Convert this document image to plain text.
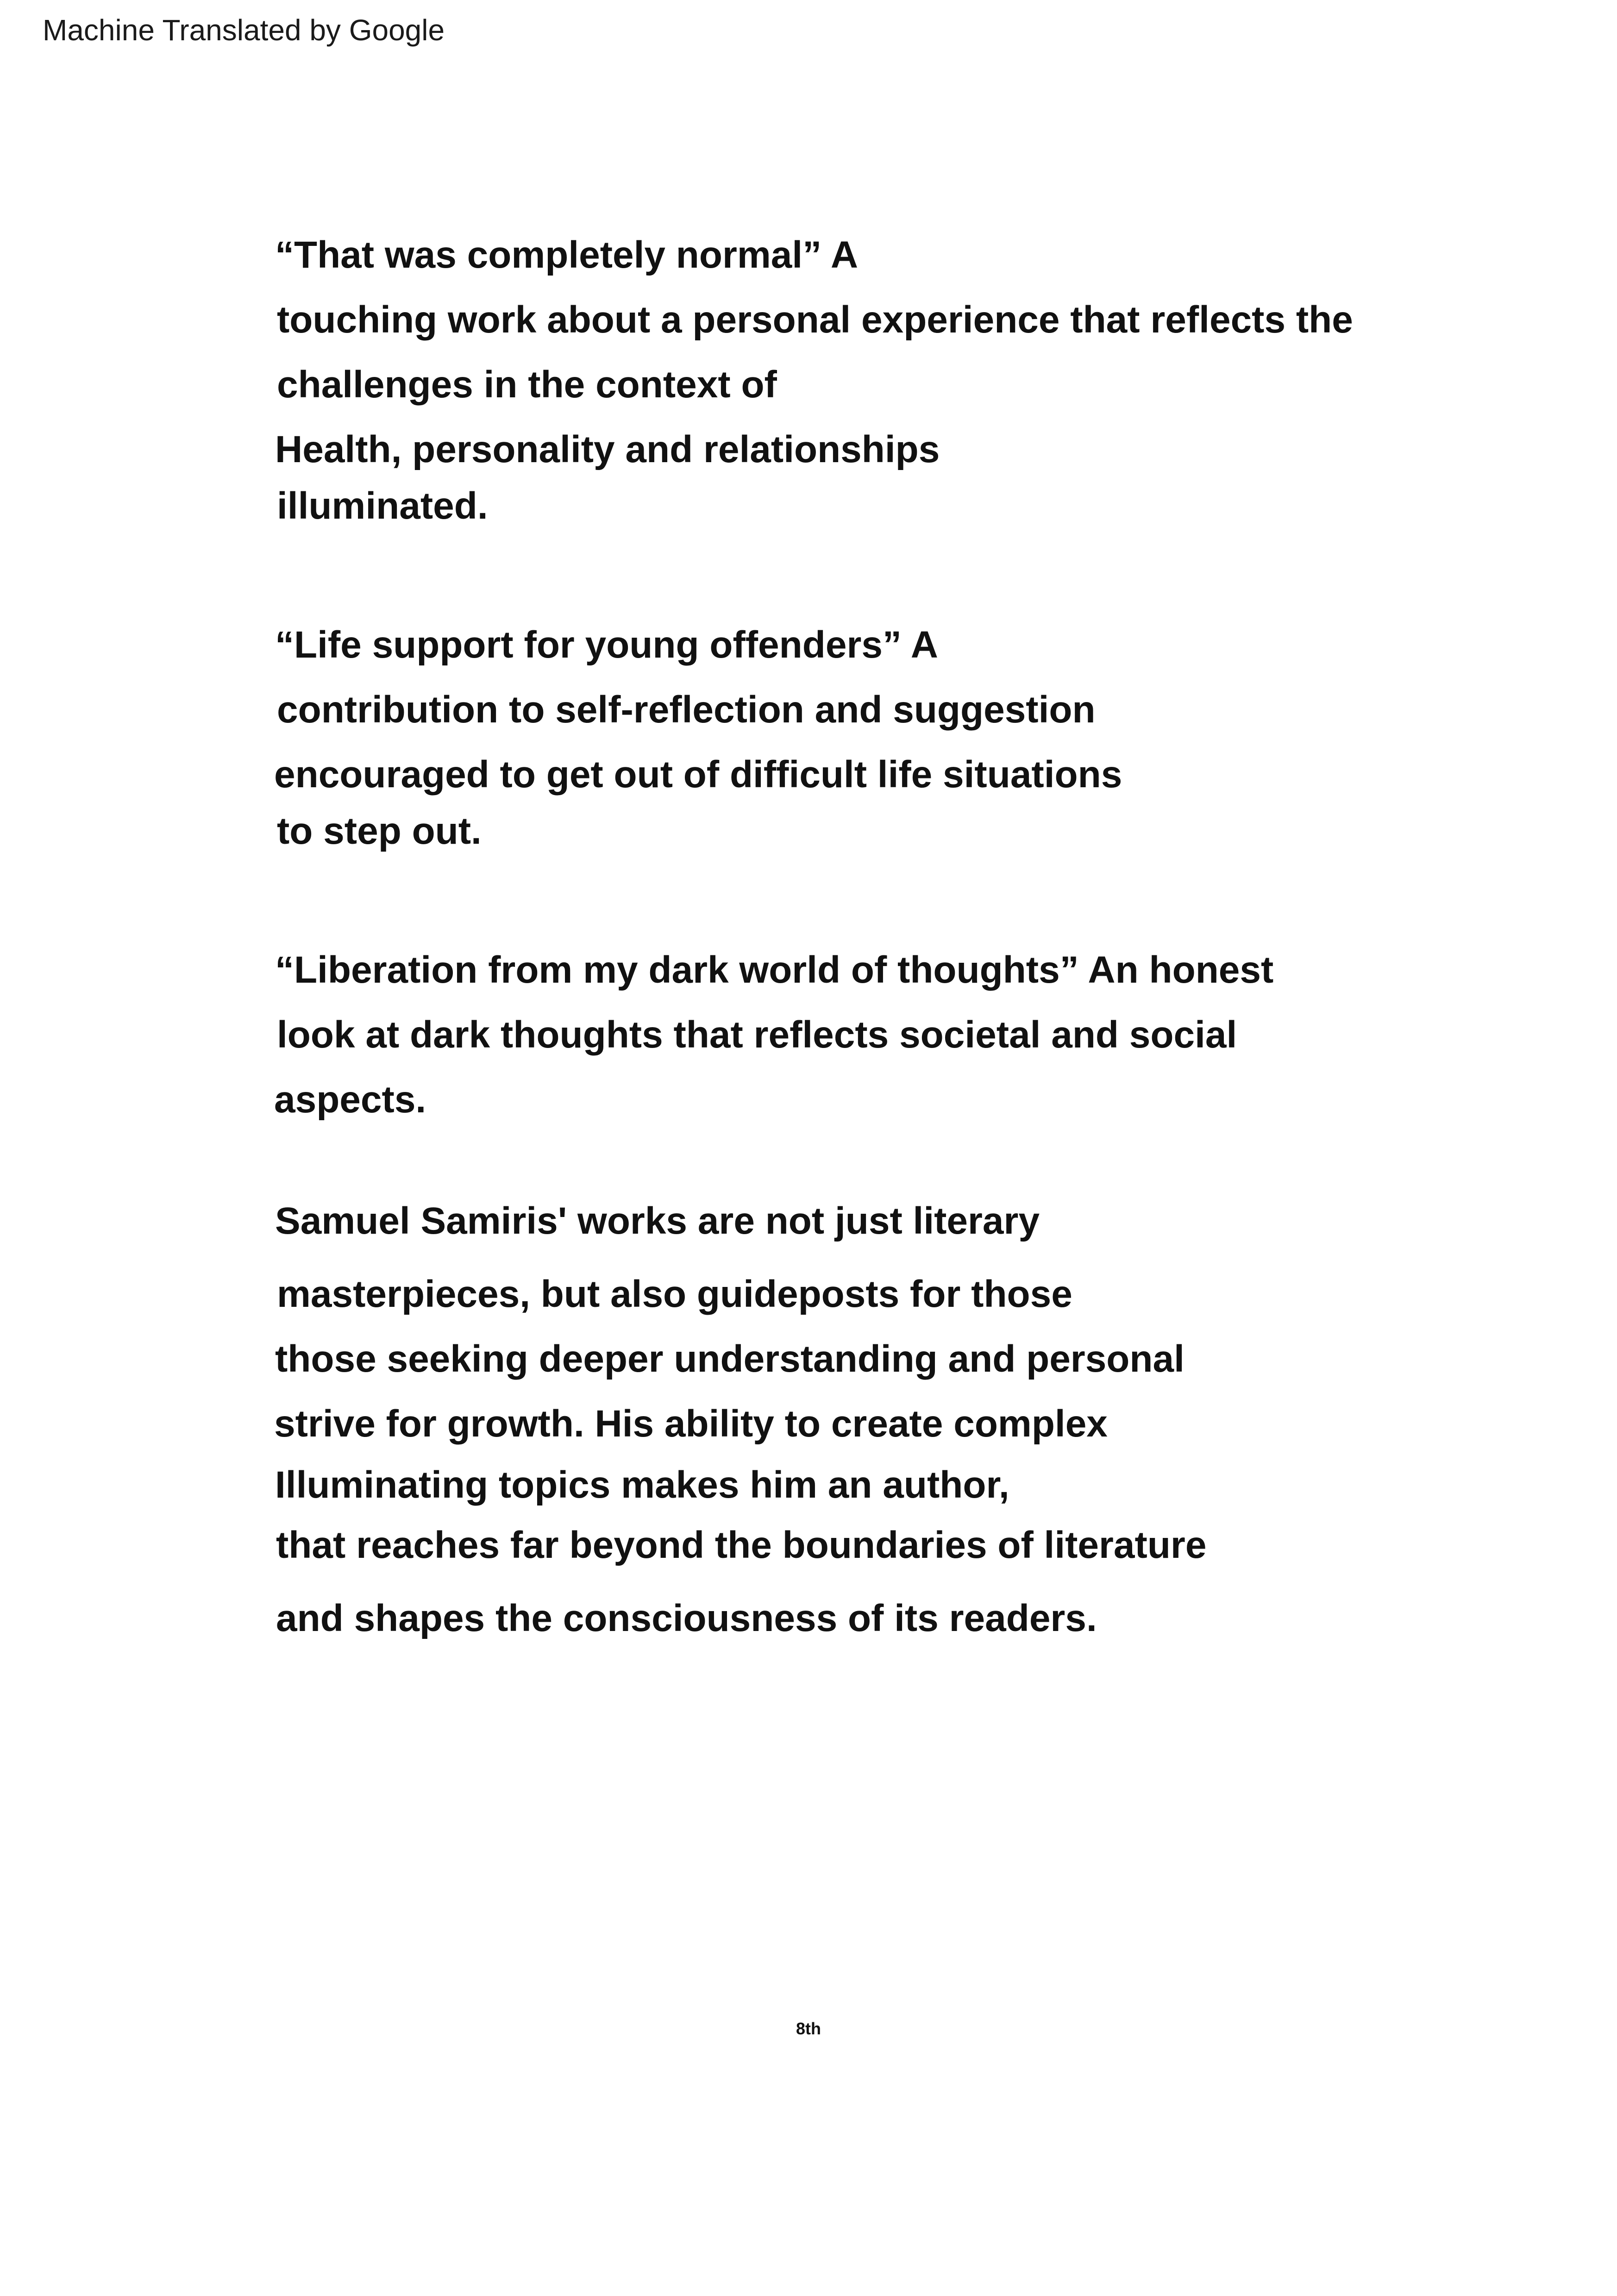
Machine Translated by Google
“That was completely normal” A
touching work about a personal experience that reflects the
challenges in the context of
Health, personality and relationships
illuminated.
“Life support for young offenders” A
contribution to self-reflection and suggestion
encouraged to get out of difficult life situations
to step out.
“Liberation from my dark world of thoughts” An honest
look at dark thoughts that reflects societal and social
aspects.
Samuel Samiris' works are not just literary
masterpieces, but also guideposts for those
those seeking deeper understanding and personal
strive for growth. His ability to create complex
Illuminating topics makes him an author,
that reaches far beyond the boundaries of literature
and shapes the consciousness of its readers.
8th
